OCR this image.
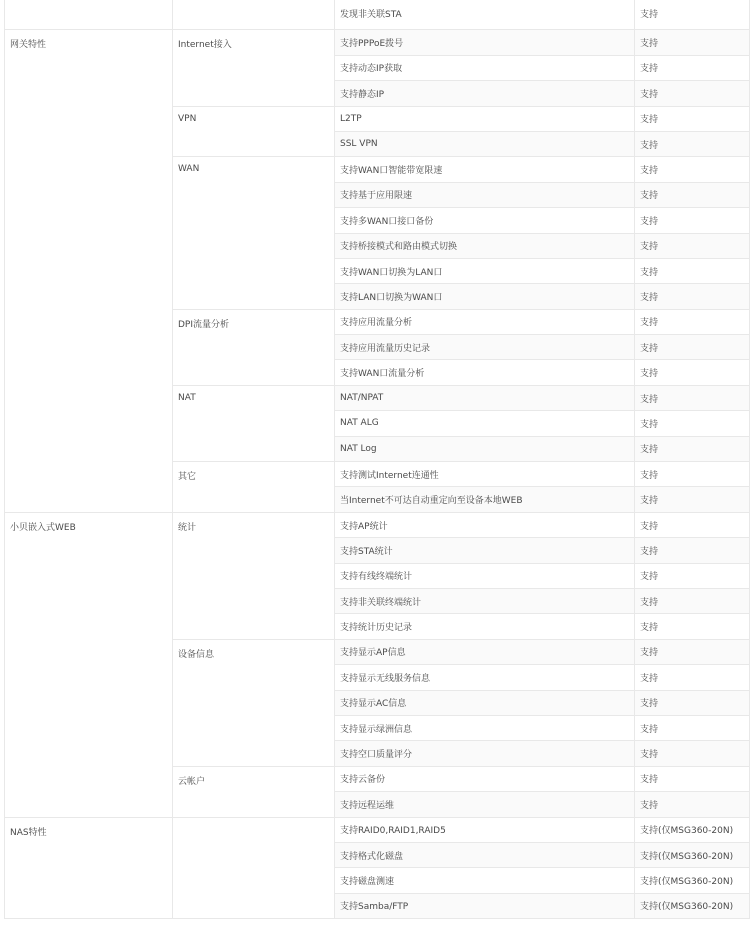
		发现非关联STA	支持
网关特性	Internet接入	支持PPPoE拨号	支持
		支持动态IP获取	支持
		支持静态IP	支持
	VPN	L2TP	支持
		SSL VPN	支持
	WAN	支持WAN口智能带宽限速	支持
		支持基于应用限速	支持
		支持多WAN口接口备份	支持
		支持桥接模式和路由模式切换	支持
		支持WAN口切换为LAN口	支持
		支持LAN口切换为WAN口	支持
	DPI流量分析	支持应用流量分析	支持
		支持应用流量历史记录	支持
		支持WAN口流量分析	支持
	NAT	NAT/NPAT	支持
		NAT ALG	支持
		NAT Log	支持
	其它	支持测试Internet连通性	支持
		当Internet不可达自动重定向至设备本地WEB	支持
小贝嵌入式WEB	统计	支持AP统计	支持
		支持STA统计	支持
		支持有线终端统计	支持
		支持非关联终端统计	支持
		支持统计历史记录	支持
	设备信息	支持显示AP信息	支持
		支持显示无线服务信息	支持
		支持显示AC信息	支持
		支持显示绿洲信息	支持
		支持空口质量评分	支持
	云帐户	支持云备份	支持
		支持远程运维	支持
NAS特性		支持RAID0,RAID1,RAID5	支持(仅MSG360-20N)
		支持格式化磁盘	支持(仅MSG360-20N)
		支持磁盘测速	支持(仅MSG360-20N)
		支持Samba/FTP	支持(仅MSG360-20N)
